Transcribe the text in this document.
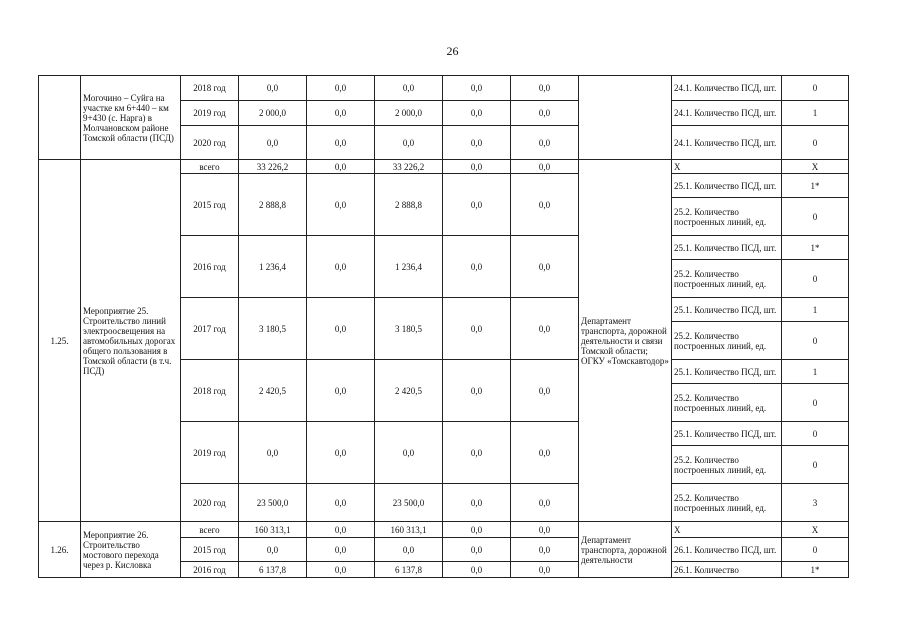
26
	Могочино – Суйга на участке км 6+440 – км 9+430 (с. Нарга) в Молчановском районе Томской области (ПСД)	2018 год	0,0	0,0	0,0	0,0	0,0		24.1. Количество ПСД, шт.	0
		2019 год	2 000,0	0,0	2 000,0	0,0	0,0		24.1. Количество ПСД, шт.	1
		2020 год	0,0	0,0	0,0	0,0	0,0		24.1. Количество ПСД, шт.	0
1.25.	Мероприятие 25. Строительство линий электроосвещения на автомобильных дорогах общего пользования в Томской области (в т.ч. ПСД)	всего	33 226,2	0,0	33 226,2	0,0	0,0	Департамент транспорта, дорожной деятельности и связи Томской области; ОГКУ «Томскавтодор»	Х	Х
		2015 год	2 888,8	0,0	2 888,8	0,0	0,0		25.1. Количество ПСД, шт.	1*
									25.2. Количество построенных линий, ед.	0
		2016 год	1 236,4	0,0	1 236,4	0,0	0,0		25.1. Количество ПСД, шт.	1*
									25.2. Количество построенных линий, ед.	0
		2017 год	3 180,5	0,0	3 180,5	0,0	0,0		25.1. Количество ПСД, шт.	1
									25.2. Количество построенных линий, ед.	0
		2018 год	2 420,5	0,0	2 420,5	0,0	0,0		25.1. Количество ПСД, шт.	1
									25.2. Количество построенных линий, ед.	0
		2019 год	0,0	0,0	0,0	0,0	0,0		25.1. Количество ПСД, шт.	0
									25.2. Количество построенных линий, ед.	0
		2020 год	23 500,0	0,0	23 500,0	0,0	0,0		25.2. Количество построенных линий, ед.	3
1.26.	Мероприятие 26. Строительство мостового перехода через р. Кисловка	всего	160 313,1	0,0	160 313,1	0,0	0,0	Департамент транспорта, дорожной деятельности	Х	Х
		2015 год	0,0	0,0	0,0	0,0	0,0		26.1. Количество ПСД, шт.	0
		2016 год	6 137,8	0,0	6 137,8	0,0	0,0		26.1. Количество	1*
